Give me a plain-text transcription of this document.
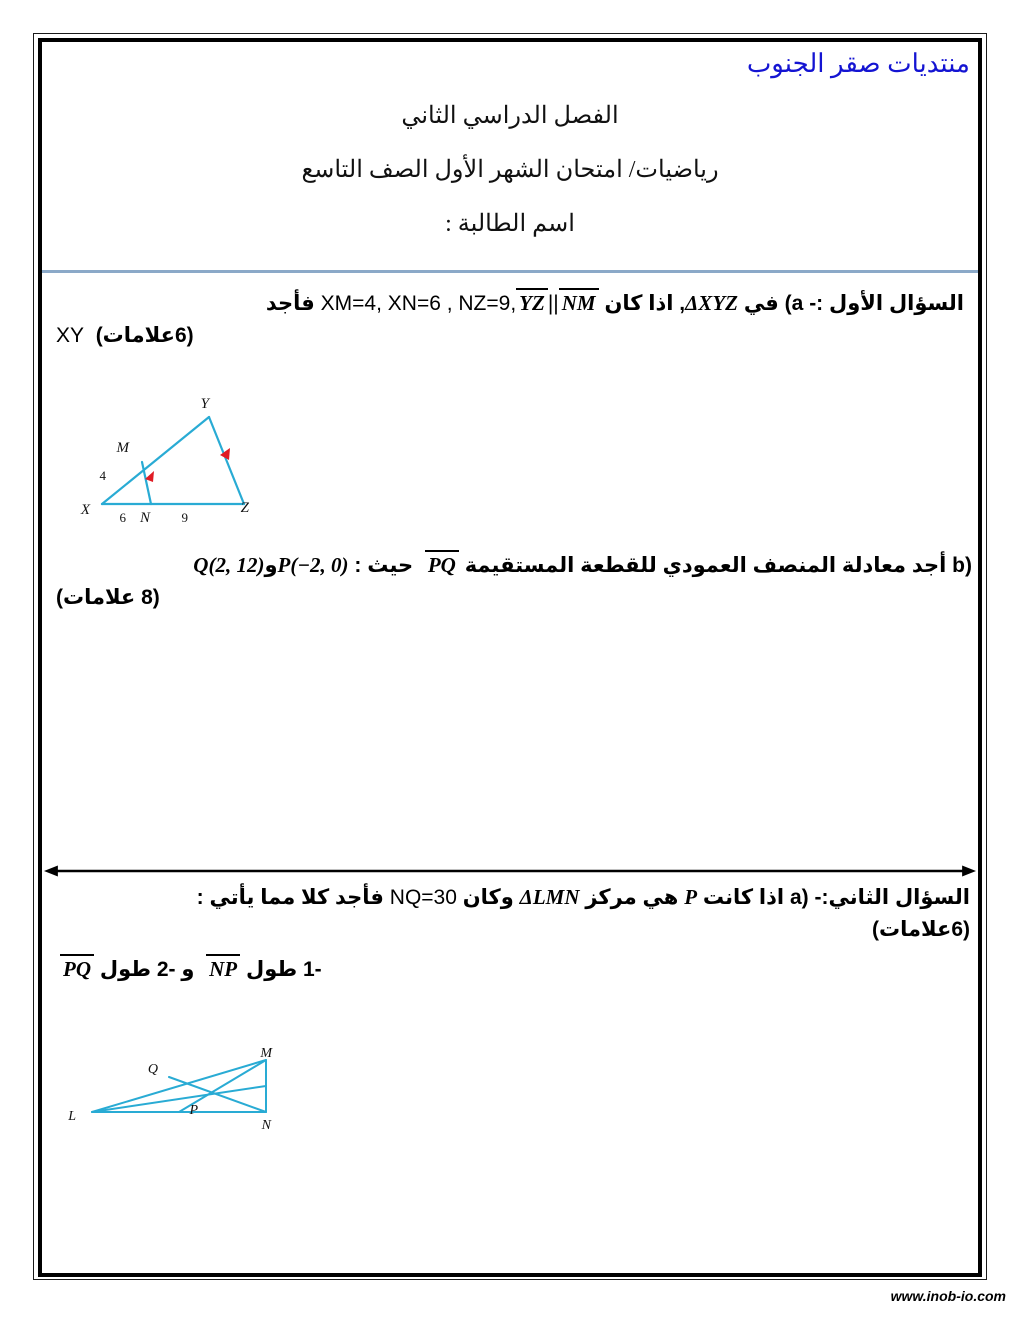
منتديات صقر الجنوب
الفصل الدراسي الثاني
رياضيات/ امتحان الشهر الأول الصف التاسع
اسم الطالبة :
السؤال الأول :- (a في ΔXYZ, اذا كان NM||YZXM=4, XN=6 , NZ=9, فأجد
(6علامات)  XY
X
Y
Z
M
N
4
6	9
b) أجد معادلة المنصف العمودي للقطعة المستقيمة PQ  حيث : P(−2, 0)وQ(2, 12)
(8 علامات)
السؤال الثاني:- a) اذا كانت P هي مركز ΔLMN وكان NQ=30 فأجد كلا مما يأتي :
(6علامات)
1- طول NP  و 2- طول PQ
L
M
N
P
Q
www.inob-io.com
